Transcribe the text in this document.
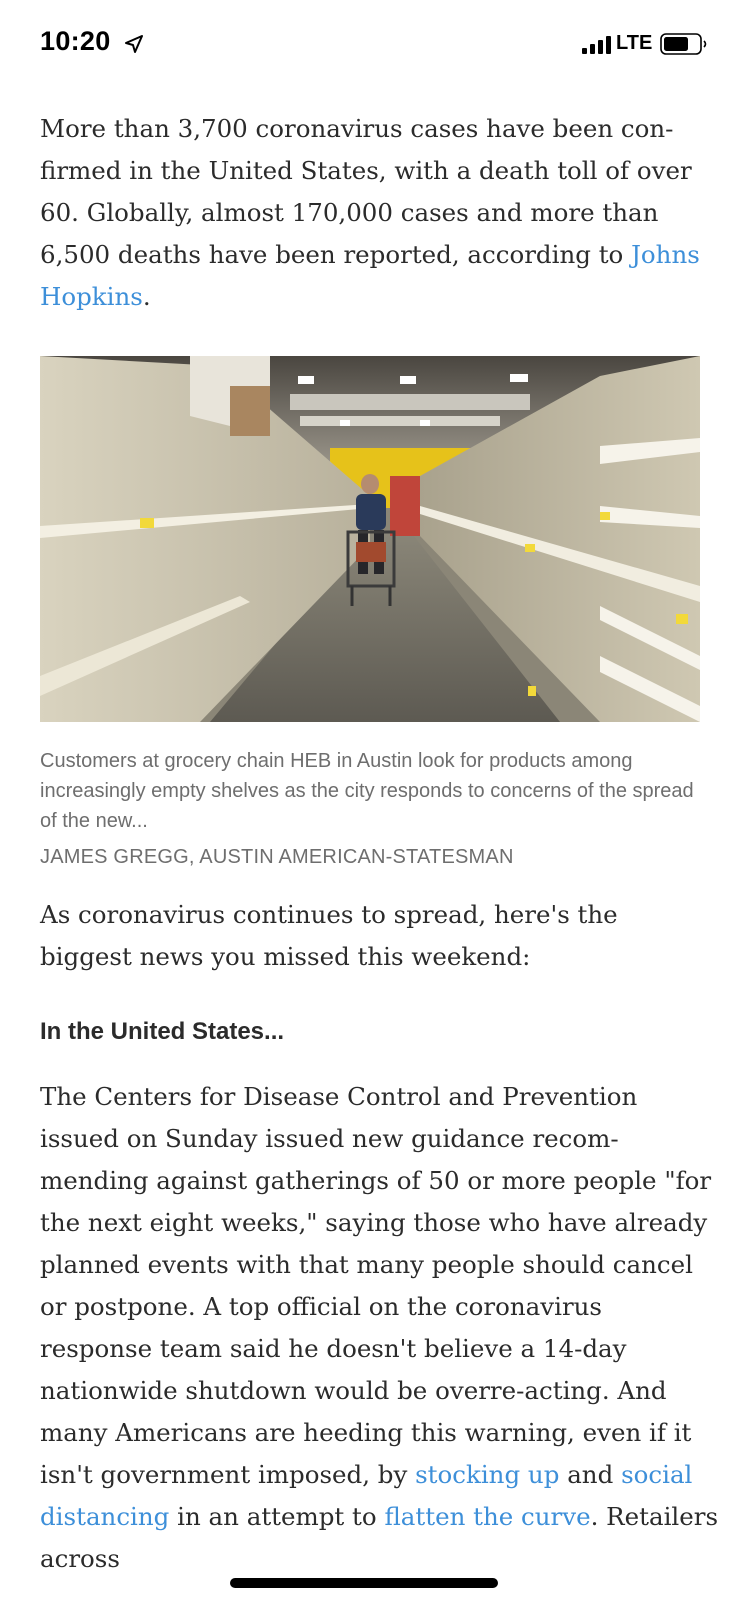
10:20	LTE

More than 3,700 coronavirus cases have been con-firmed in the United States, with a death toll of over 60. Globally, almost 170,000 cases and more than 6,500 deaths have been reported, according to Johns Hopkins.

Customers at grocery chain HEB in Austin look for products among increasingly empty shelves as the city responds to concerns of the spread of the new...

JAMES GREGG, AUSTIN AMERICAN-STATESMAN

As coronavirus continues to spread, here's the biggest news you missed this weekend:

In the United States...

The Centers for Disease Control and Prevention issued on Sunday issued new guidance recom-mending against gatherings of 50 or more people "for the next eight weeks," saying those who have already planned events with that many people should cancel or postpone. A top official on the coronavirus response team said he doesn't believe a 14-day nationwide shutdown would be overre-acting. And many Americans are heeding this warning, even if it isn't government imposed, by stocking up and social distancing in an attempt to flatten the curve. Retailers across
